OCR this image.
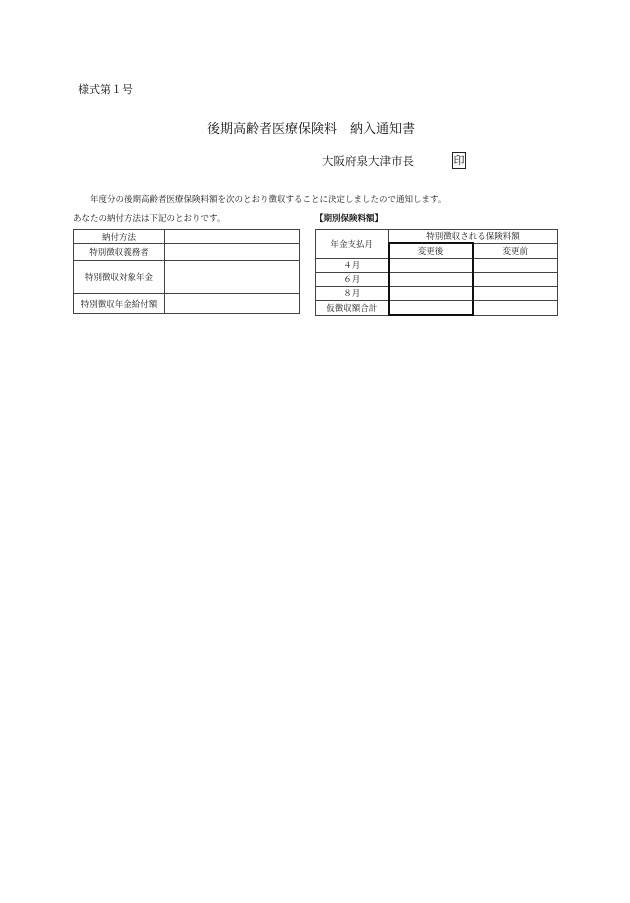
様式第１号
後期高齢者医療保険料　納入通知書
大阪府泉大津市長	印
年度分の後期高齢者医療保険料額を次のとおり徴収することに決定しましたので通知します。
あなたの納付方法は下記のとおりです。	【期別保険料額】
納付方法	
特別徴収義務者	
特別徴収対象年金	
特別徴収年金給付額	
年金支払月	特別徴収される保険料額	
	変更後	変更前
４月		
６月		
８月		
仮徴収額合計		
